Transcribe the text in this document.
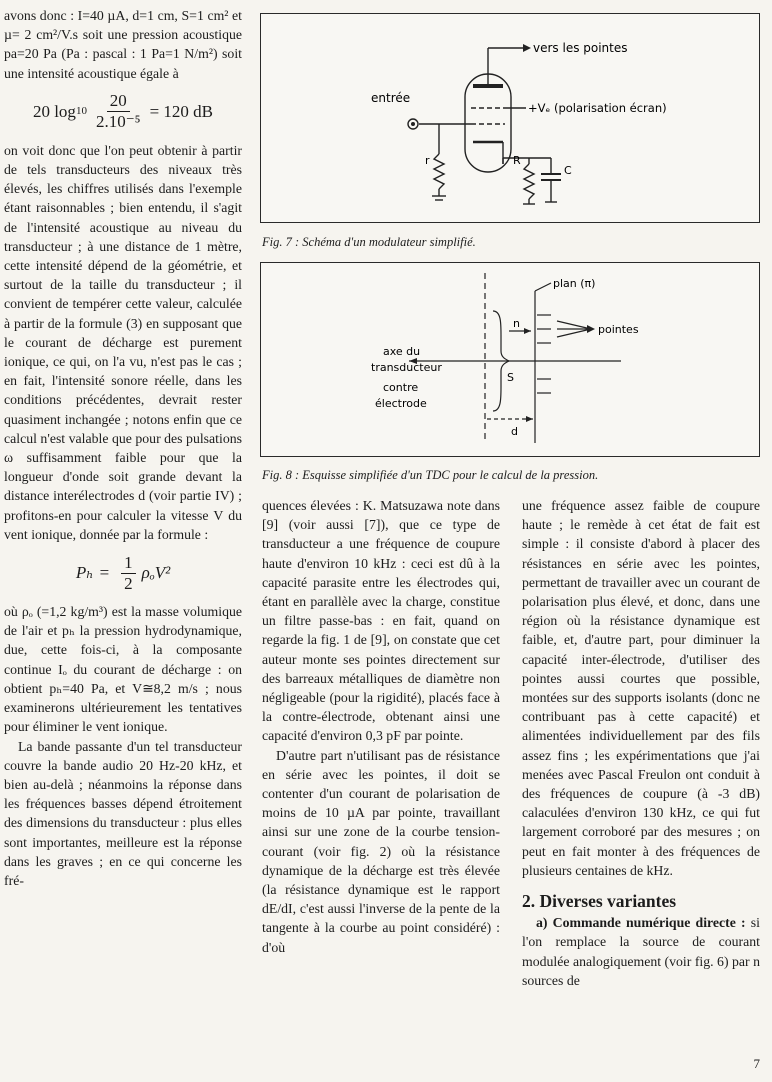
avons donc : I=40 µA, d=1 cm, S=1 cm² et µ= 2 cm²/V.s soit une pression acoustique pa=20 Pa (Pa : pascal : 1 Pa=1 N/m²) soit une intensité acoustique égale à

20 $\log 10 \frac{20}{\text{2.10⁻⁵}} = 120$ dB

on voit donc que l'on peut obtenir à partir de tels transducteurs des niveaux très élevés, les chiffres utilisés dans l'exemple étant raisonnables ; bien entendu, il s'agit de l'intensité acoustique au niveau du transducteur ; à une distance de 1 mètre, cette intensité dépend de la géométrie, et surtout de la taille du transducteur ; il convient de tempérer cette valeur, calculée à partir de la formule (3) en supposant que le courant de décharge est purement ionique, ce qui, on l'a vu, n'est pas le cas ; en fait, l'intensité sonore réelle, dans les conditions précédentes, devrait rester quasiment inchangée ; notons enfin que ce calcul n'est valable que pour des pulsations ω suffisamment faible pour que la longueur d'onde soit grande devant la distance interélectrodes d (voir partie IV) ; profitons-en pour calculer la vitesse V du vent ionique, donnée par la formule :

$P_h = \frac{1}{2} \rho_oV^2$

où ρₒ (=1,2 kg/m³) est la masse volumique de l'air et pₕ la pression hydrodynamique, due, cette fois-ci, à la composante continue Iₒ du courant de décharge : on obtient pₕ=40 Pa, et V≅8,2 m/s ; nous examinerons ultérieurement les tentatives pour éliminer le vent ionique.

La bande passante d'un tel transducteur couvre la bande audio 20 Hz-20 kHz, et bien au-delà ; néanmoins la réponse dans les fréquences basses dépend étroitement des dimensions du transducteur : plus elles sont importantes, meilleure est la réponse dans les graves ; en ce qui concerne les fré-

vers les pointes
entrée
+Vₑ (polarisation écran)
r	R
C
Fig. 7 : Schéma d'un modulateur simplifié.
plan (π)
n	pointes
axe du
transducteur
contre
électrode
S
d
Fig. 8 : Esquisse simplifiée d'un TDC pour le calcul de la pression.

quences élevées : K. Matsuzawa note dans [9] (voir aussi [7]), que ce type de transducteur a une fréquence de coupure haute d'environ 10 kHz : ceci est dû à la capacité parasite entre les électrodes qui, étant en parallèle avec la charge, constitue un filtre passe-bas : en fait, quand on regarde la fig. 1 de [9], on constate que cet auteur monte ses pointes directement sur des barreaux métalliques de diamètre non négligeable (pour la rigidité), placés face à la contre-électrode, obtenant ainsi une capacité d'environ 0,3 pF par pointe.

D'autre part n'utilisant pas de résistance en série avec les pointes, il doit se contenter d'un courant de polarisation de moins de 10 µA par pointe, travaillant ainsi sur une zone de la courbe tension-courant (voir fig. 2) où la résistance dynamique de la décharge est très élevée (la résistance dynamique est le rapport dE/dI, c'est aussi l'inverse de la pente de la tangente à la courbe au point considéré) : d'où

une fréquence assez faible de coupure haute ; le remède à cet état de fait est simple : il consiste d'abord à placer des résistances en série avec les pointes, permettant de travailler avec un courant de polarisation plus élevé, et donc, dans une région où la résistance dynamique est faible, et, d'autre part, pour diminuer la capacité inter-électrode, d'utiliser des pointes aussi courtes que possible, montées sur des supports isolants (donc ne contribuant pas à cette capacité) et alimentées individuellement par des fils assez fins ; les expérimentations que j'ai menées avec Pascal Freulon ont conduit à des fréquences de coupure (à -3 dB) calaculées d'environ 130 kHz, ce qui fut largement corroboré par des mesures ; on peut en fait monter à des fréquences de plusieurs centaines de kHz.

2. Diverses variantes

a) Commande numérique directe : si l'on remplace la source de courant modulée analogiquement (voir fig. 6) par n sources de

7
